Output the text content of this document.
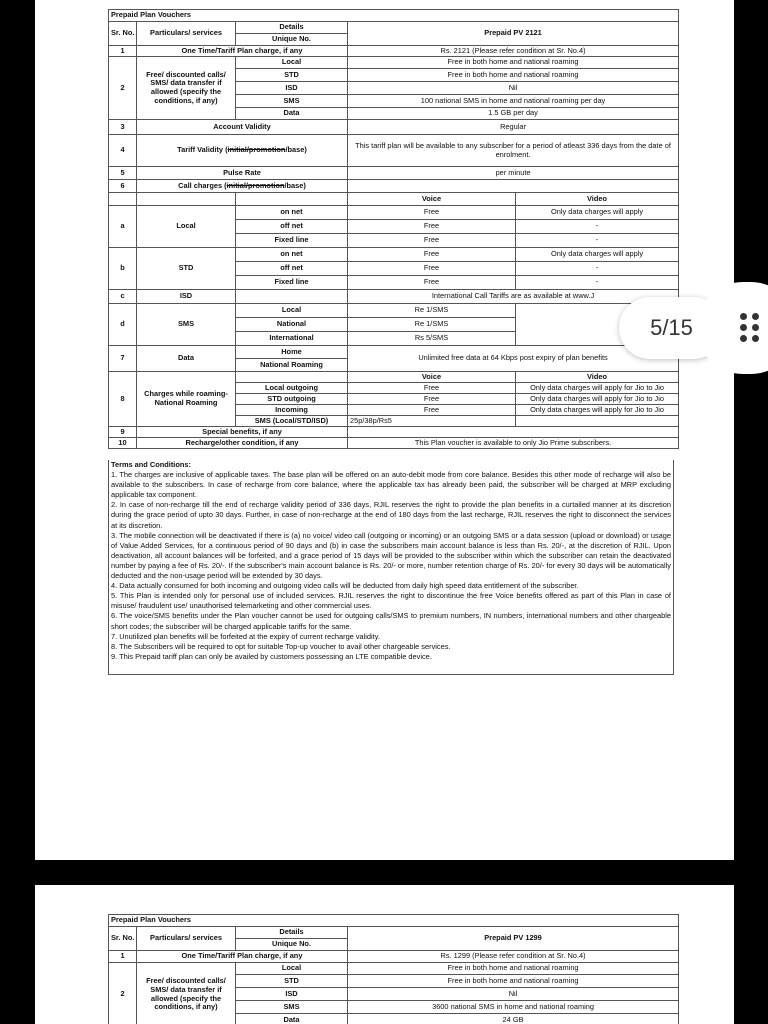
Prepaid Plan Vouchers				
Sr. No.	Particulars/ services	Details	Prepaid PV 2121	
		Unique No.		
1	One Time/Tariff Plan charge, if any		Rs. 2121 (Please refer condition at Sr. No.4)	
2	Free/ discounted calls/ SMS/ data transfer if allowed (specify the conditions, if any)	Local	Free in both home and national roaming	
		STD	Free in both home and national roaming	
		ISD	Nil	
		SMS	100 national SMS in home and national roaming per day	
		Data	1.5 GB per day	
3	Account Validity		Regular	
4	Tariff Validity (initial/promotion/base)		This tariff plan will be available to any subscriber for a period of atleast 336 days from the date of enrolment.	
5	Pulse Rate		per minute	
6	Call charges (initial/promotion/base)			
			Voice	Video
a	Local	on net	Free	Only data charges will apply
		off net	Free	-
		Fixed line	Free	-
b	STD	on net	Free	Only data charges will apply
		off net	Free	-
		Fixed line	Free	-
c	ISD		International Call Tariffs are as available at www.J	
d	SMS	Local	Re 1/SMS	
		National	Re 1/SMS	
		International	Rs 5/SMS	
7	Data	Home	Unlimited free data at 64 Kbps post expiry of plan benefits	
		National Roaming		
8	Charges while roaming- National Roaming		Voice	Video
		Local outgoing	Free	Only data charges will apply for Jio to Jio
		STD outgoing	Free	Only data charges will apply for Jio to Jio
		Incoming	Free	Only data charges will apply for Jio to Jio
		SMS (Local/STD/ISD)	25p/38p/Rs5	
9	Special benefits, if any			
10	Recharge/other condition, if any		This Plan voucher is available to only Jio Prime subscribers.	

Terms and Conditions:

1. The charges are inclusive of applicable taxes. The base plan will be offered on an auto-debit mode from core balance. Besides this other mode of recharge will also be available to the subscribers. In case of recharge from core balance, where the applicable tax has already been paid, the subscriber will be charged at MRP excluding applicable tax component.

2. In case of non-recharge till the end of recharge validity period of 336 days, RJIL reserves the right to provide the plan benefits in a curtailed manner at its discretion during the grace period of upto 30 days. Further, in case of non-recharge at the end of 180 days from the last recharge, RJIL reserves the right to disconnect the services at its discretion.

3. The mobile connection will be deactivated if there is (a) no voice/ video call (outgoing or incoming) or an outgoing SMS or a data session (upload or download) or usage of Value Added Services, for a continuous period of 90 days and (b) in case the subscribers main account balance is less than Rs. 20/-, at the discretion of RJIL. Upon deactivation, all account balances will be forfeited, and a grace period of 15 days will be provided to the subscriber within which the subscriber can retain the deactivated number by paying a fee of Rs. 20/-. If the subscriber's main account balance is Rs. 20/- or more, number retention charge of Rs. 20/- for every 30 days will be automatically deducted and the non-usage period will be extended by 30 days.

4. Data actually consumed for both incoming and outgoing video calls will be deducted from daily high speed data entitlement of the subscriber.

5. This Plan is intended only for personal use of included services. RJIL reserves the right to discontinue the free Voice benefits offered as part of this Plan in case of misuse/ fraudulent use/ unauthorised telemarketing and other commercial uses.

6. The voice/SMS benefits under the Plan voucher cannot be used for outgoing calls/SMS to premium numbers, IN numbers, international numbers and other chargeable short codes; the subscriber will be charged applicable tariffs for the same.

7. Unutilized plan benefits will be forfeited at the expiry of current recharge validity.

8. The Subscribers will be required to opt for suitable Top-up voucher to avail other chargeable services.

9. This Prepaid tariff plan can only be availed by customers possessing an LTE compatible device.

5/15
Prepaid Plan Vouchers			
Sr. No.	Particulars/ services	Details	Prepaid PV 1299
		Unique No.	
1	One Time/Tariff Plan charge, if any		Rs. 1299 (Please refer condition at Sr. No.4)
2	Free/ discounted calls/ SMS/ data transfer if allowed (specify the conditions, if any)	Local	Free in both home and national roaming
		STD	Free in both home and national roaming
		ISD	Nil
		SMS	3600 national SMS in home and national roaming
		Data	24 GB
